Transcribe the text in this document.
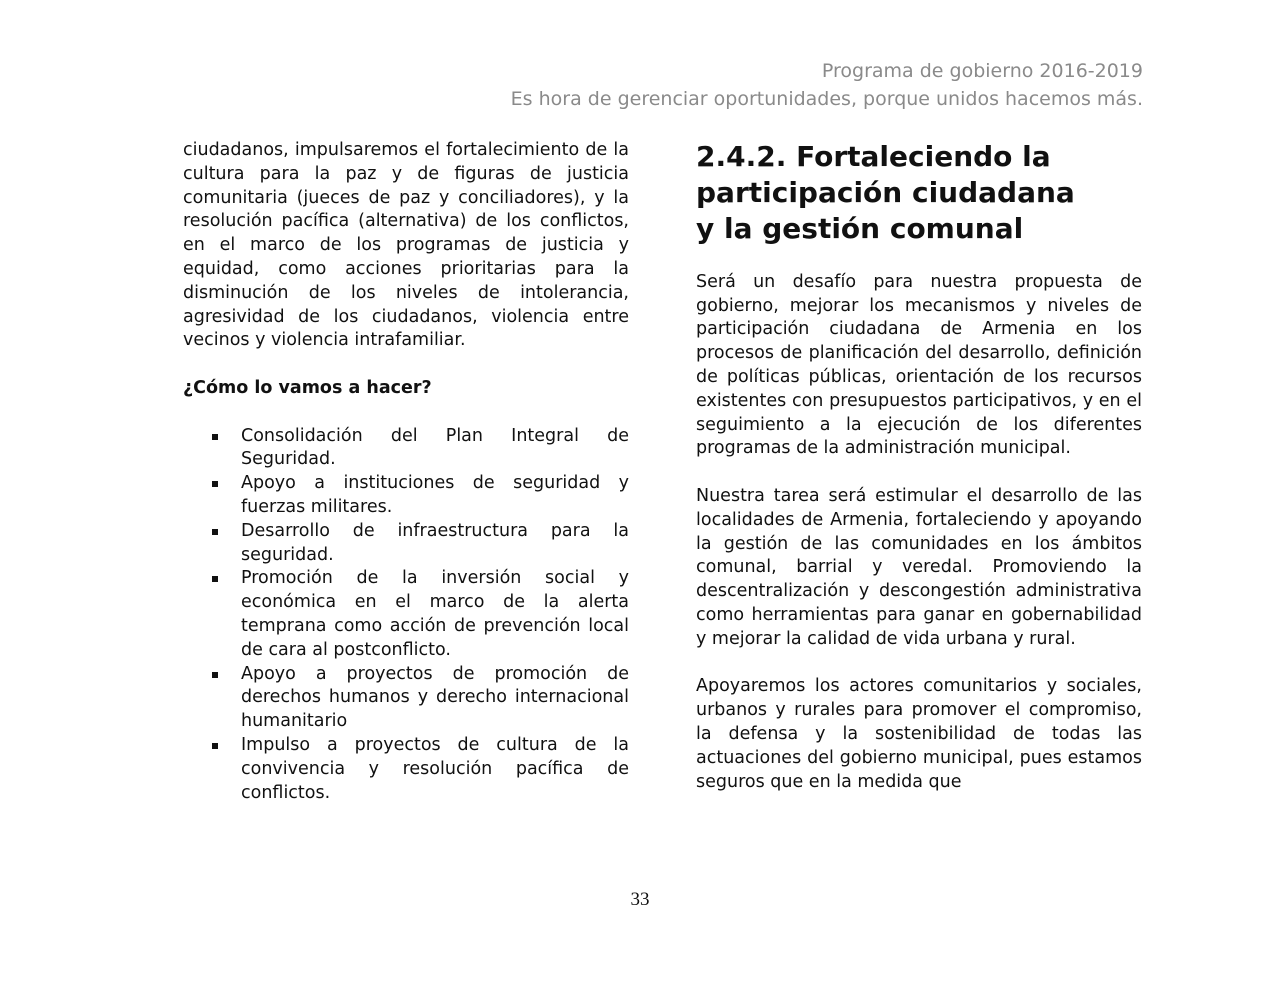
Programa de gobierno 2016-2019
Es hora de gerenciar oportunidades, porque unidos hacemos más.

ciudadanos, impulsaremos el fortalecimiento de la cultura para la paz y de figuras de justicia comunitaria (jueces de paz y conciliadores), y la resolución pacífica (alternativa) de los conflictos, en el marco de los programas de justicia y equidad, como acciones prioritarias para la disminución de los niveles de intolerancia, agresividad de los ciudadanos, violencia entre vecinos y violencia intrafamiliar.

¿Cómo lo vamos a hacer?

Consolidación del Plan Integral de Seguridad.
Apoyo a instituciones de seguridad y fuerzas militares.
Desarrollo de infraestructura para la seguridad.
Promoción de la inversión social y económica en el marco de la alerta temprana como acción de prevención local de cara al postconflicto.
Apoyo a proyectos de promoción de derechos humanos y derecho internacional humanitario
Impulso a proyectos de cultura de la convivencia y resolución pacífica de conflictos.
2.4.2. Fortaleciendo la
participación ciudadana
y la gestión comunal

Será un desafío para nuestra propuesta de gobierno, mejorar los mecanismos y niveles de participación ciudadana de Armenia en los procesos de planificación del desarrollo, definición de políticas públicas, orientación de los recursos existentes con presupuestos participativos, y en el seguimiento a la ejecución de los diferentes programas de la administración municipal.

Nuestra tarea será estimular el desarrollo de las localidades de Armenia, fortaleciendo y apoyando la gestión de las comunidades en los ámbitos comunal, barrial y veredal. Promoviendo la descentralización y descongestión administrativa como herramientas para ganar en gobernabilidad y mejorar la calidad de vida urbana y rural.

Apoyaremos los actores comunitarios y sociales, urbanos y rurales para promover el compromiso, la defensa y la sostenibilidad de todas las actuaciones del gobierno municipal, pues estamos seguros que en la medida que

33
